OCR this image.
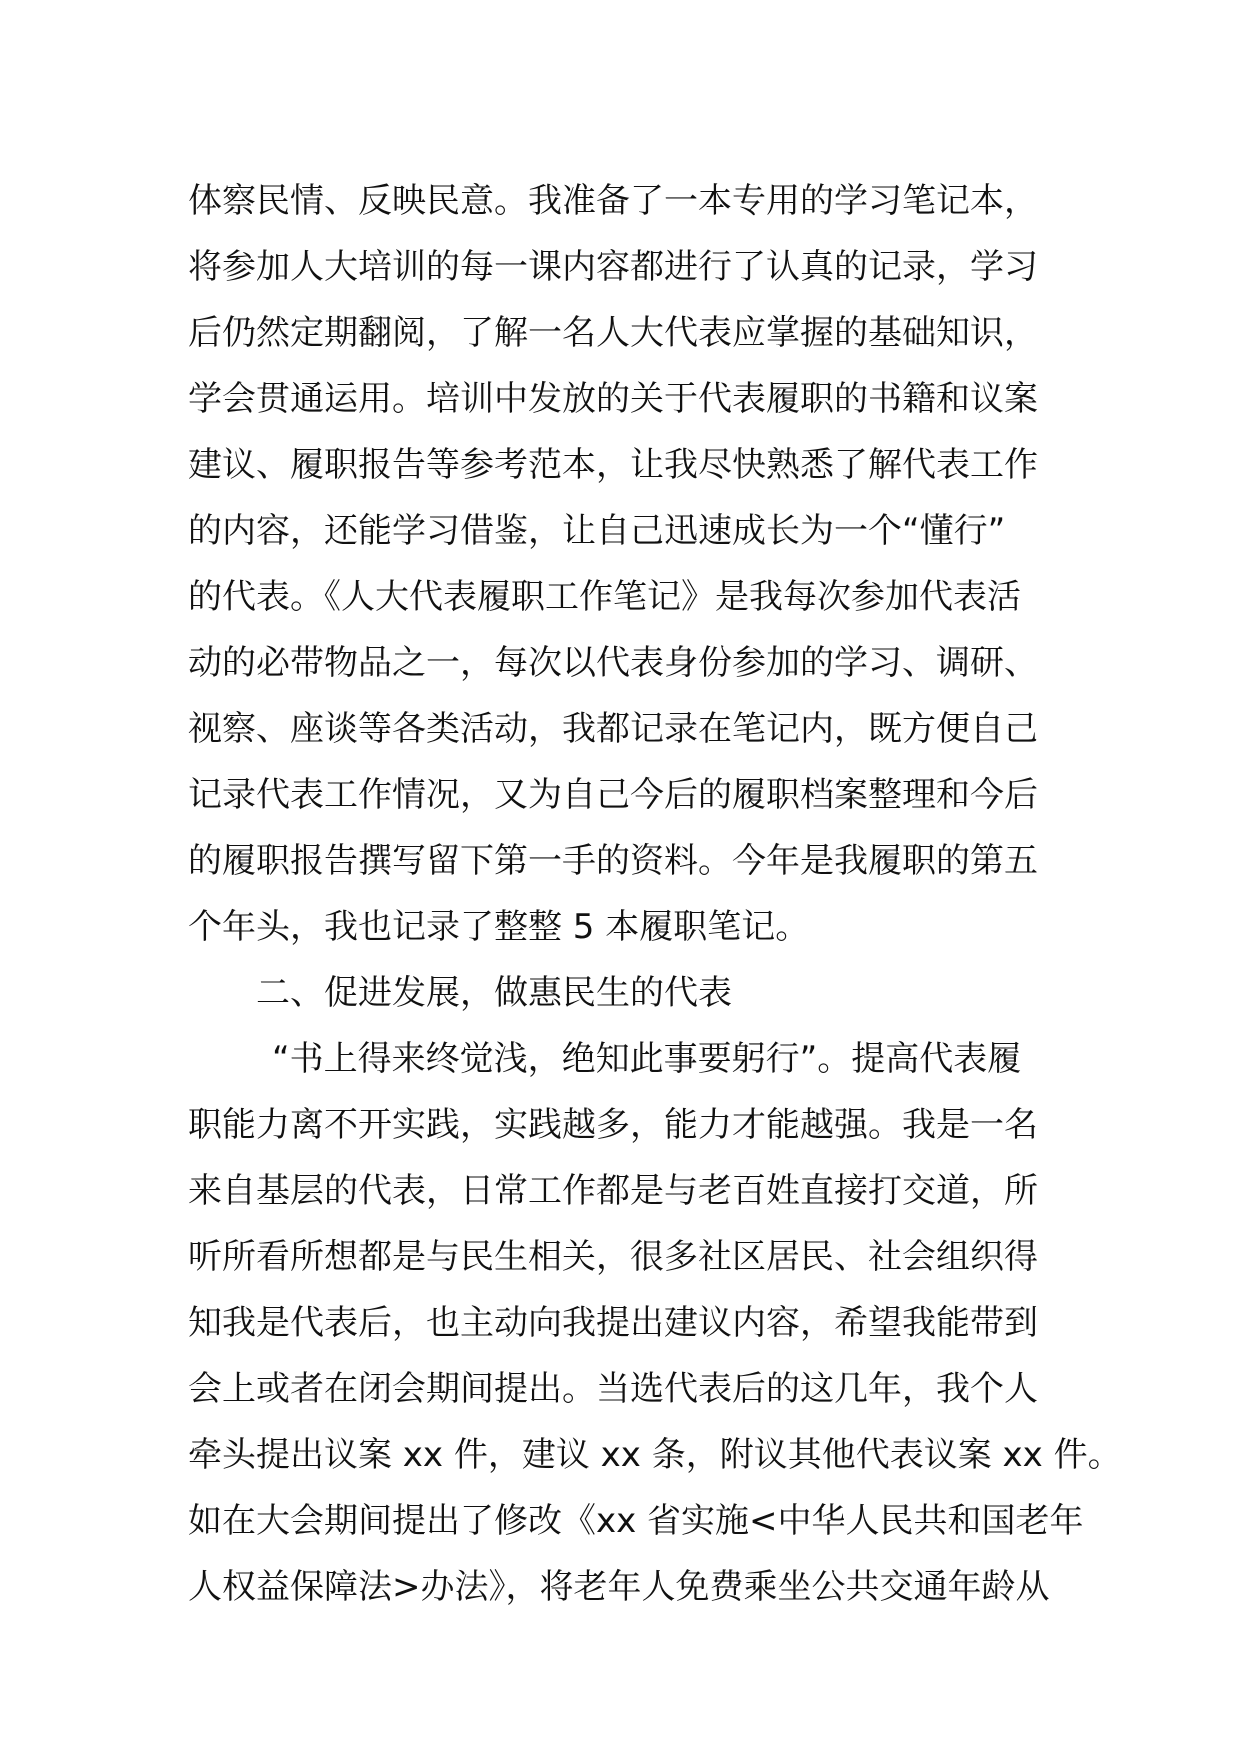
体察民情、反映民意。我准备了一本专用的学习笔记本，
将参加人大培训的每一课内容都进行了认真的记录，学习
后仍然定期翻阅，了解一名人大代表应掌握的基础知识，
学会贯通运用。培训中发放的关于代表履职的书籍和议案
建议、履职报告等参考范本，让我尽快熟悉了解代表工作
的内容，还能学习借鉴，让自己迅速成长为一个“懂行”
的代表。《人大代表履职工作笔记》是我每次参加代表活
动的必带物品之一，每次以代表身份参加的学习、调研、
视察、座谈等各类活动，我都记录在笔记内，既方便自己
记录代表工作情况，又为自己今后的履职档案整理和今后
的履职报告撰写留下第一手的资料。今年是我履职的第五
个年头，我也记录了整整 5 本履职笔记。
二、促进发展，做惠民生的代表
“书上得来终觉浅，绝知此事要躬行”。提高代表履
职能力离不开实践，实践越多，能力才能越强。我是一名
来自基层的代表，日常工作都是与老百姓直接打交道，所
听所看所想都是与民生相关，很多社区居民、社会组织得
知我是代表后，也主动向我提出建议内容，希望我能带到
会上或者在闭会期间提出。当选代表后的这几年，我个人
牵头提出议案 xx 件，建议 xx 条，附议其他代表议案 xx 件。
如在大会期间提出了修改《xx 省实施<中华人民共和国老年
人权益保障法>办法》，将老年人免费乘坐公共交通年龄从
